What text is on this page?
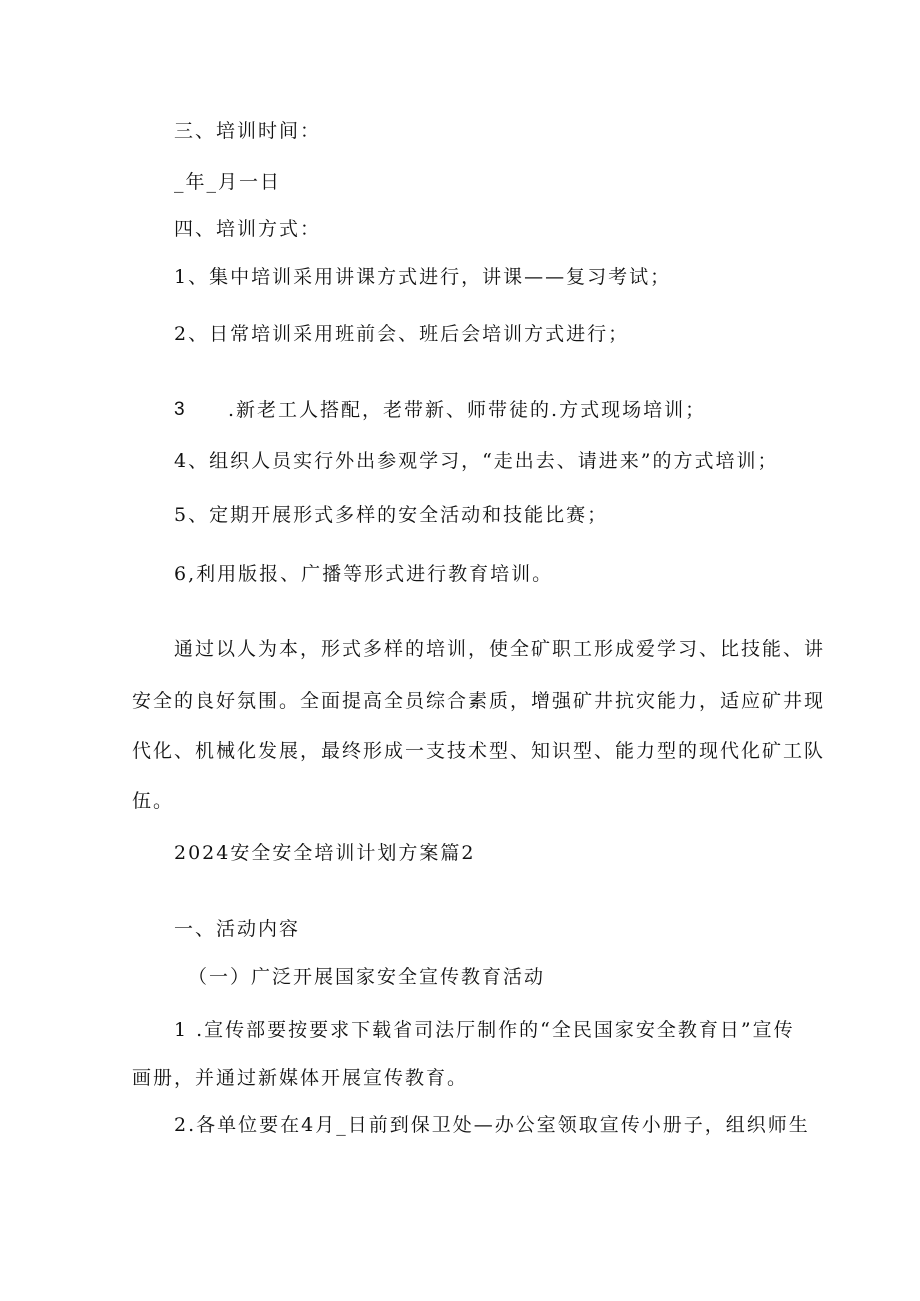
三、培训时间：
_年_月一日
四、培训方式：
1、集中培训采用讲课方式进行，讲课——复习考试；
2、日常培训采用班前会、班后会培训方式进行；
3 .新老工人搭配，老带新、师带徒的.方式现场培训；
4、组织人员实行外出参观学习，“走出去、请进来”的方式培训；
5、定期开展形式多样的安全活动和技能比赛；
6,利用版报、广播等形式进行教育培训。
通过以人为本，形式多样的培训，使全矿职工形成爱学习、比技能、讲
安全的良好氛围。全面提高全员综合素质，增强矿井抗灾能力，适应矿井现
代化、机械化发展，最终形成一支技术型、知识型、能力型的现代化矿工队
伍。
2024安全安全培训计划方案篇2
一、活动内容
（一）广泛开展国家安全宣传教育活动
1 .宣传部要按要求下载省司法厅制作的“全民国家安全教育日”宣传
画册，并通过新媒体开展宣传教育。
2.各单位要在4月_日前到保卫处—办公室领取宣传小册子，组织师生
